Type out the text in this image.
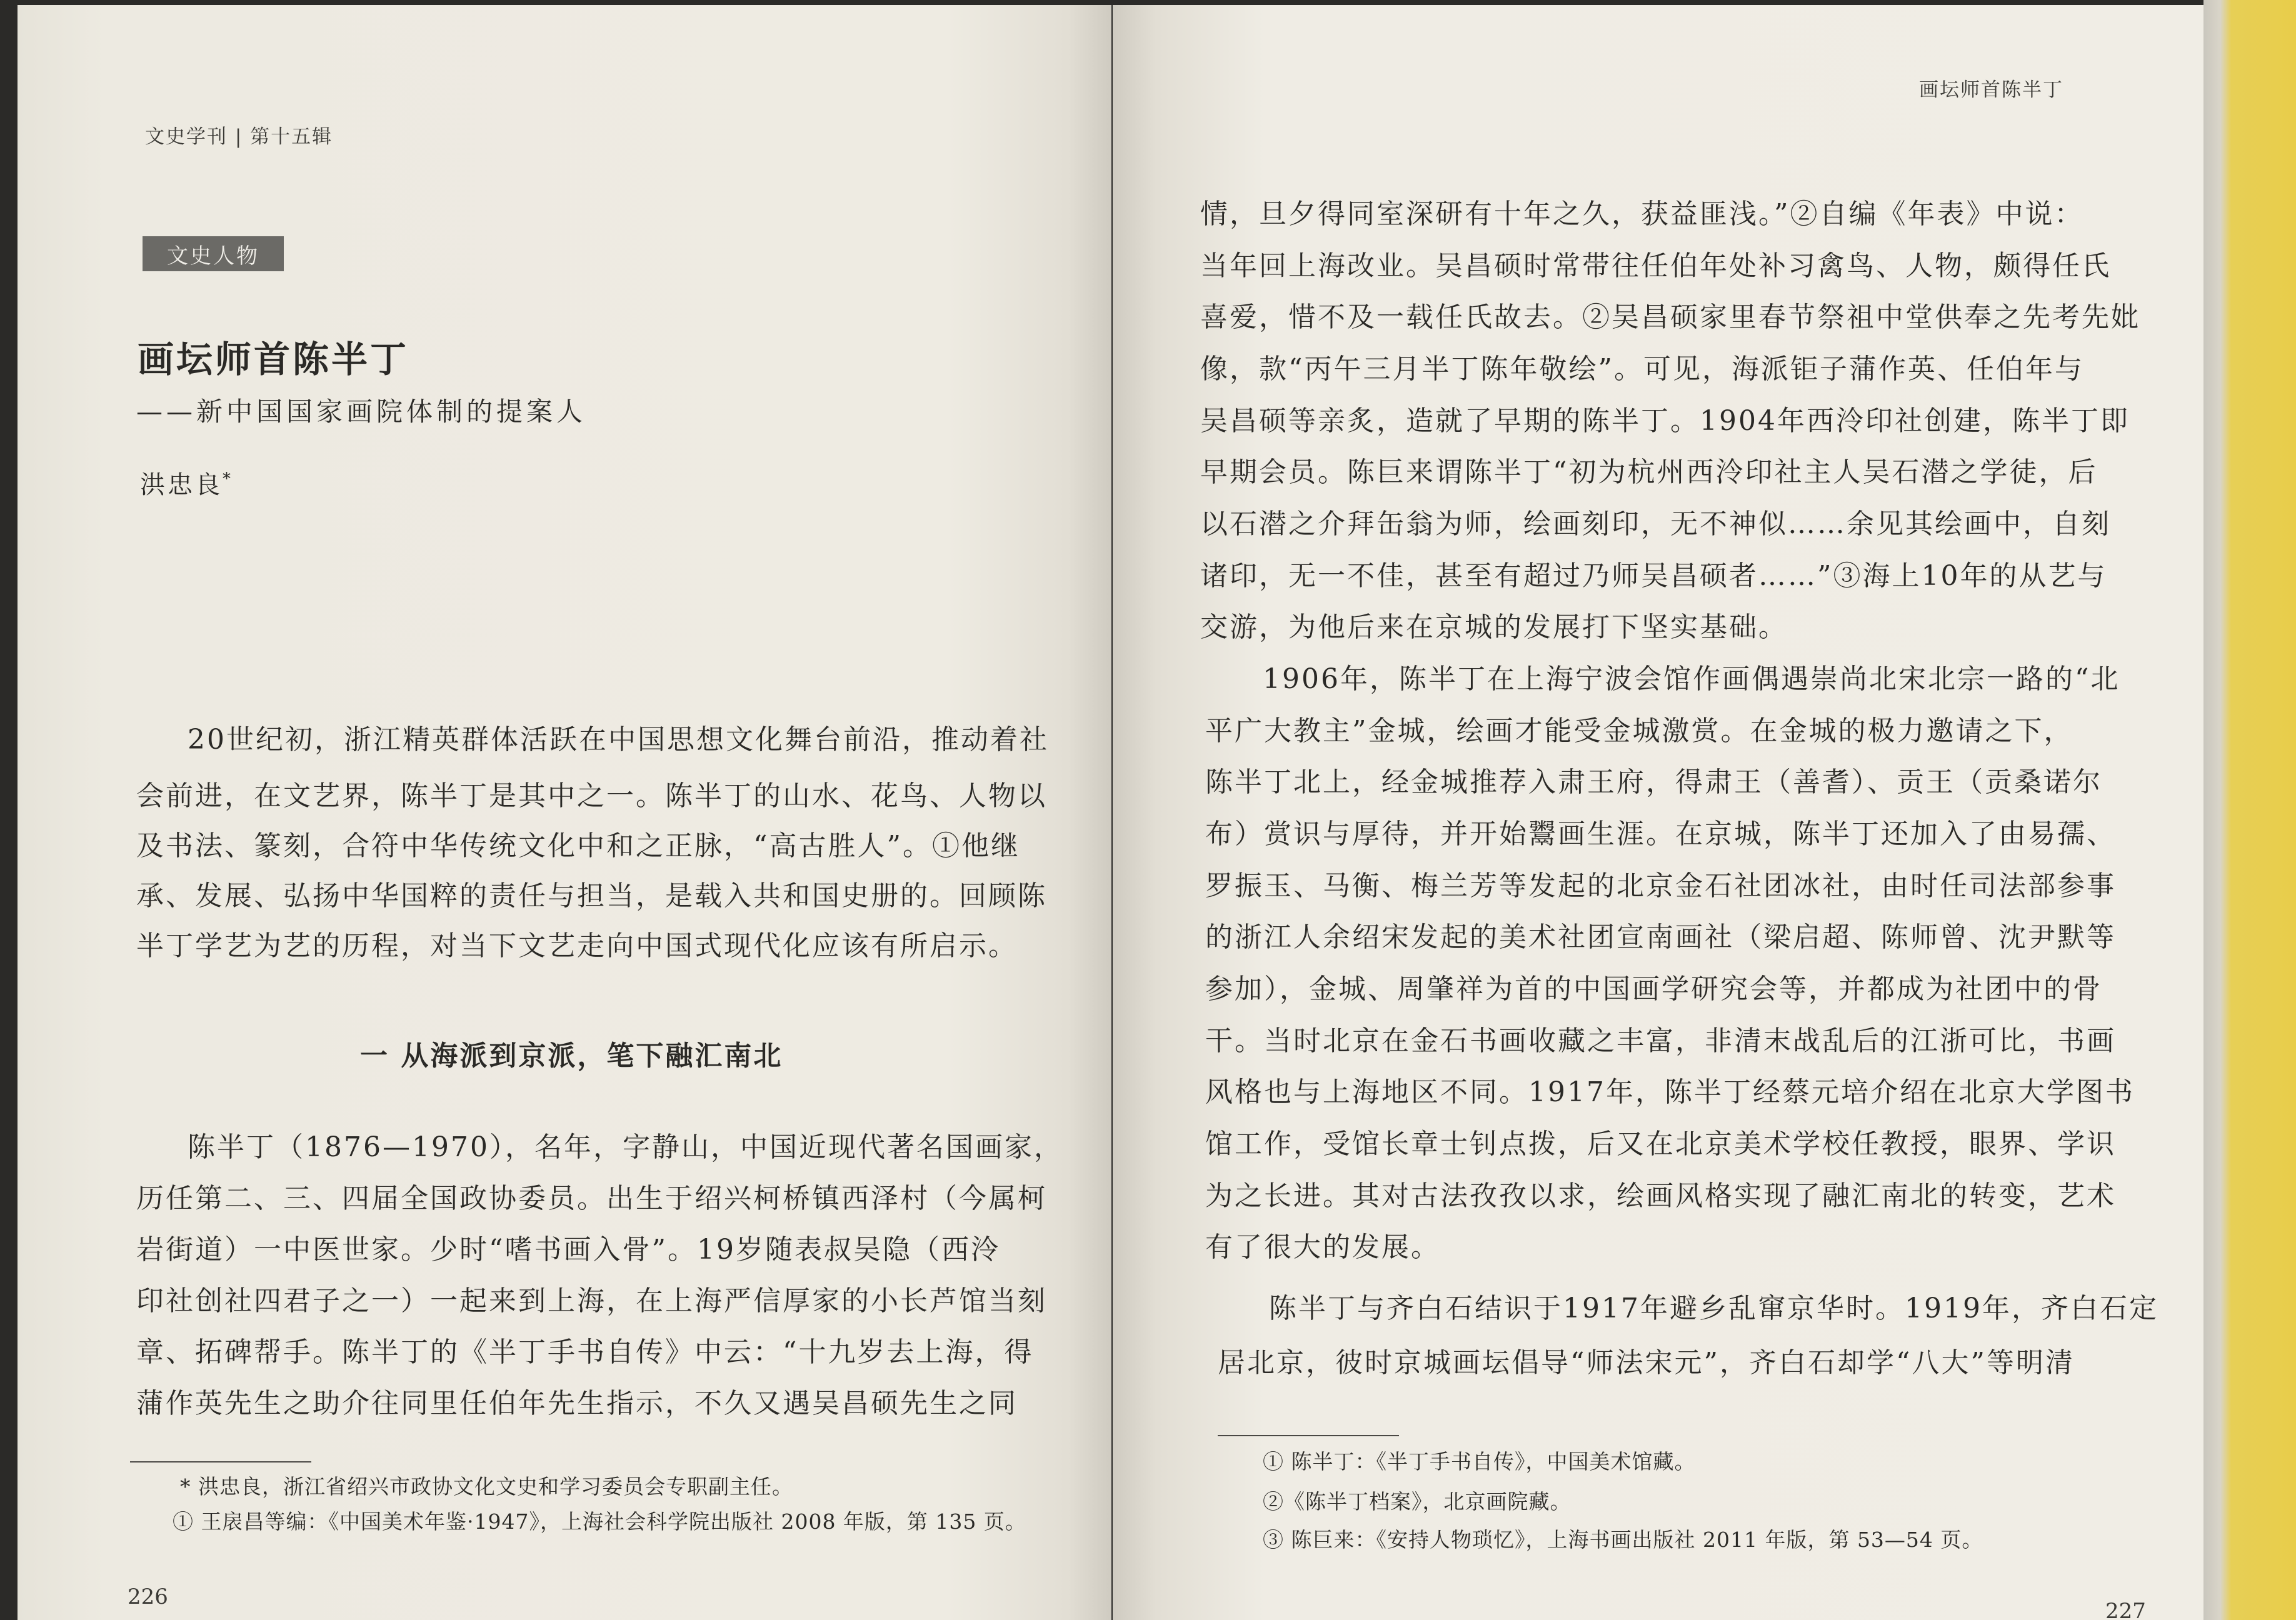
文史学刊 | 第十五辑
文史人物
画坛师首陈半丁
——新中国国家画院体制的提案人
洪忠良*
20世纪初，浙江精英群体活跃在中国思想文化舞台前沿，推动着社
会前进，在文艺界，陈半丁是其中之一。陈半丁的山水、花鸟、人物以
及书法、篆刻，合符中华传统文化中和之正脉，“高古胜人”。①他继
承、发展、弘扬中华国粹的责任与担当，是载入共和国史册的。回顾陈
半丁学艺为艺的历程，对当下文艺走向中国式现代化应该有所启示。
一 从海派到京派，笔下融汇南北
陈半丁（1876—1970），名年，字静山，中国近现代著名国画家，
历任第二、三、四届全国政协委员。出生于绍兴柯桥镇西泽村（今属柯
岩街道）一中医世家。少时“嗜书画入骨”。19岁随表叔吴隐（西泠
印社创社四君子之一）一起来到上海，在上海严信厚家的小长芦馆当刻
章、拓碑帮手。陈半丁的《半丁手书自传》中云：“十九岁去上海，得
蒲作英先生之助介往同里任伯年先生指示，不久又遇吴昌硕先生之同
* 洪忠良，浙江省绍兴市政协文化文史和学习委员会专职副主任。
① 王扆昌等编：《中国美术年鉴·1947》，上海社会科学院出版社 2008 年版，第 135 页。
226
画坛师首陈半丁
情，旦夕得同室深研有十年之久，获益匪浅。”②自编《年表》中说：
当年回上海改业。吴昌硕时常带往任伯年处补习禽鸟、人物，颇得任氏
喜爱，惜不及一载任氏故去。②吴昌硕家里春节祭祖中堂供奉之先考先妣
像，款“丙午三月半丁陈年敬绘”。可见，海派钜子蒲作英、任伯年与
吴昌硕等亲炙，造就了早期的陈半丁。1904年西泠印社创建，陈半丁即
早期会员。陈巨来谓陈半丁“初为杭州西泠印社主人吴石潜之学徒，后
以石潜之介拜缶翁为师，绘画刻印，无不神似……余见其绘画中，自刻
诸印，无一不佳，甚至有超过乃师吴昌硕者……”③海上10年的从艺与
交游，为他后来在京城的发展打下坚实基础。
1906年，陈半丁在上海宁波会馆作画偶遇崇尚北宋北宗一路的“北
平广大教主”金城，绘画才能受金城激赏。在金城的极力邀请之下，
陈半丁北上，经金城推荐入肃王府，得肃王（善耆）、贡王（贡桑诺尔
布）赏识与厚待，并开始鬻画生涯。在京城，陈半丁还加入了由易孺、
罗振玉、马衡、梅兰芳等发起的北京金石社团冰社，由时任司法部参事
的浙江人余绍宋发起的美术社团宣南画社（梁启超、陈师曾、沈尹默等
参加），金城、周肇祥为首的中国画学研究会等，并都成为社团中的骨
干。当时北京在金石书画收藏之丰富，非清末战乱后的江浙可比，书画
风格也与上海地区不同。1917年，陈半丁经蔡元培介绍在北京大学图书
馆工作，受馆长章士钊点拨，后又在北京美术学校任教授，眼界、学识
为之长进。其对古法孜孜以求，绘画风格实现了融汇南北的转变，艺术
有了很大的发展。
陈半丁与齐白石结识于1917年避乡乱窜京华时。1919年，齐白石定
居北京，彼时京城画坛倡导“师法宋元”，齐白石却学“八大”等明清
① 陈半丁：《半丁手书自传》，中国美术馆藏。
②《陈半丁档案》，北京画院藏。
③ 陈巨来：《安持人物琐忆》，上海书画出版社 2011 年版，第 53—54 页。
227
